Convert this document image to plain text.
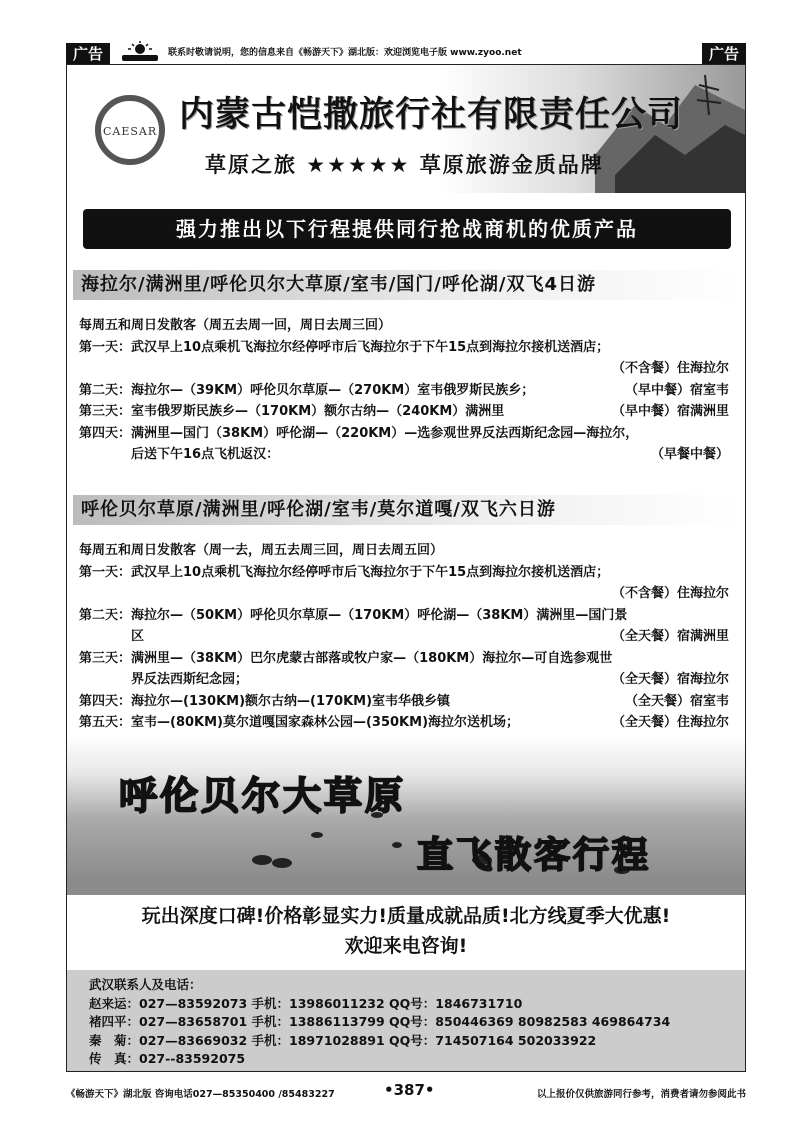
广告	联系时敬请说明，您的信息来自《畅游天下》湖北版：欢迎浏览电子版 www.zyoo.net	广告
CAESAR 内蒙古恺撒旅行社有限责任公司
草原之旅 ★★★★★ 草原旅游金质品牌
强力推出以下行程提供同行抢战商机的优质产品
海拉尔/满洲里/呼伦贝尔大草原/室韦/国门/呼伦湖/双飞4日游
每周五和周日发散客（周五去周一回，周日去周三回）
第一天：武汉早上10点乘机飞海拉尔经停呼市后飞海拉尔于下午15点到海拉尔接机送酒店；
（不含餐）住海拉尔
第二天：海拉尔—（39KM）呼伦贝尔草原—（270KM）室韦俄罗斯民族乡；	（早中餐）宿室韦
第三天：室韦俄罗斯民族乡—（170KM）额尔古纳—（240KM）满洲里	（早中餐）宿满洲里
第四天：满洲里—国门（38KM）呼伦湖—（220KM）—选参观世界反法西斯纪念园—海拉尔，
　　　　后送下午16点飞机返汉：	（早餐中餐）
呼伦贝尔草原/满洲里/呼伦湖/室韦/莫尔道嘎/双飞六日游
每周五和周日发散客（周一去，周五去周三回，周日去周五回）
第一天：武汉早上10点乘机飞海拉尔经停呼市后飞海拉尔于下午15点到海拉尔接机送酒店；
（不含餐）住海拉尔
第二天：海拉尔—（50KM）呼伦贝尔草原—（170KM）呼伦湖—（38KM）满洲里—国门景
　　　　区	（全天餐）宿满洲里
第三天：满洲里—（38KM）巴尔虎蒙古部落或牧户家—（180KM）海拉尔—可自选参观世
　　　　界反法西斯纪念园；	（全天餐）宿海拉尔
第四天：海拉尔—(130KM)额尔古纳—(170KM)室韦华俄乡镇	（全天餐）宿室韦
第五天：室韦—(80KM)莫尔道嘎国家森林公园—(350KM)海拉尔送机场；	（全天餐）住海拉尔
呼伦贝尔大草原
直飞散客行程
玩出深度口碑!价格彰显实力!质量成就品质!北方线夏季大优惠!
欢迎来电咨询!
武汉联系人及电话：
赵来运：027—83592073 手机：13986011232 QQ号：1846731710
褚四平：027—83658701 手机：13886113799 QQ号：850446369 80982583 469864734
秦　菊：027—83669032 手机：18971028891 QQ号：714507164 502033922
传　真：027--83592075
《畅游天下》湖北版 咨询电话027—85350400 /85483227	•387•	以上报价仅供旅游同行参考，消费者请勿参阅此书
